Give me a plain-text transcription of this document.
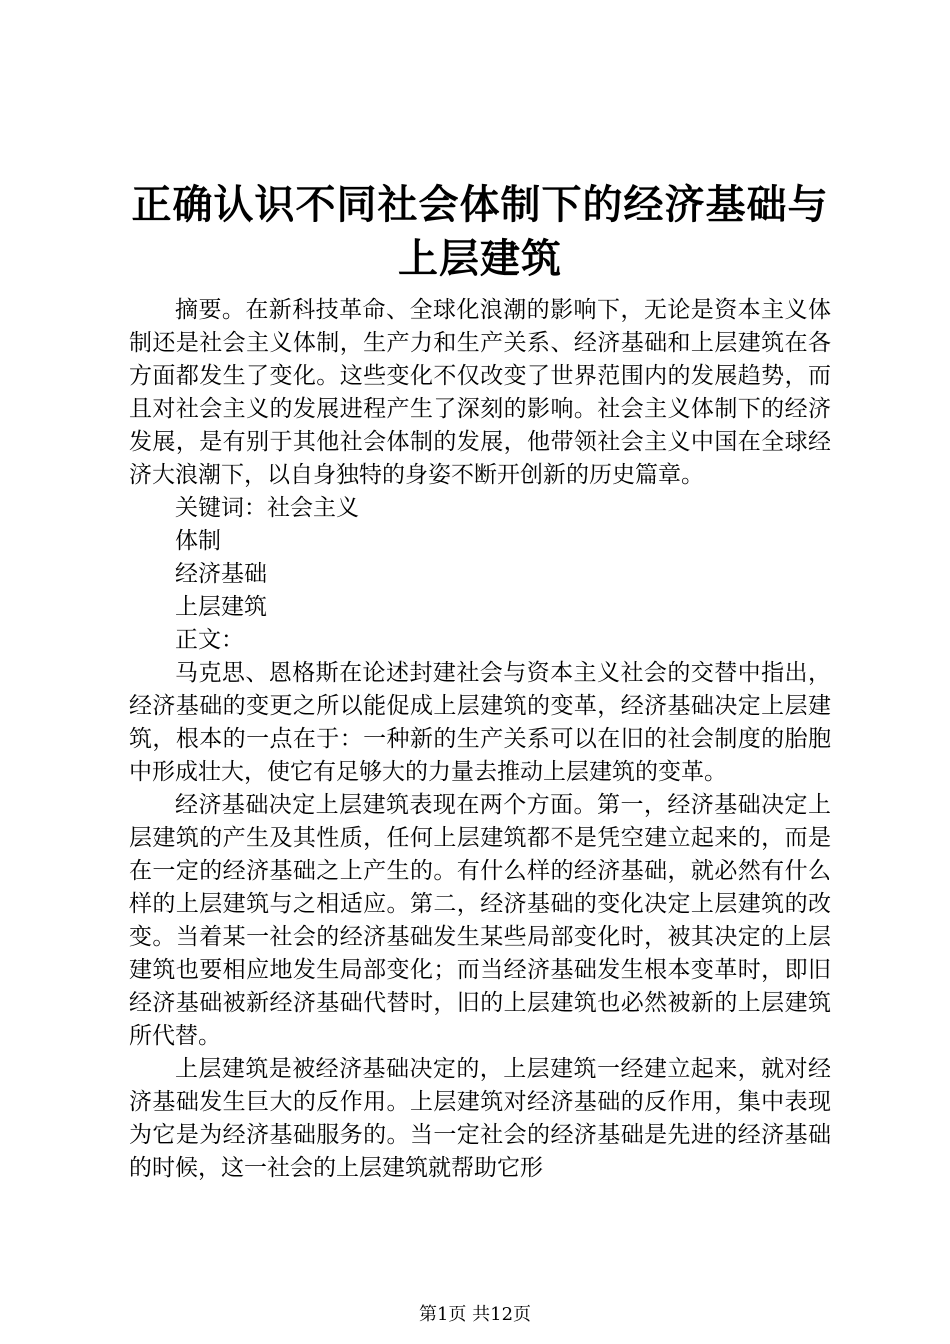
正确认识不同社会体制下的经济基础与上层建筑

摘要。在新科技革命、全球化浪潮的影响下，无论是资本主义体制还是社会主义体制，生产力和生产关系、经济基础和上层建筑在各方面都发生了变化。这些变化不仅改变了世界范围内的发展趋势，而且对社会主义的发展进程产生了深刻的影响。社会主义体制下的经济发展，是有别于其他社会体制的发展，他带领社会主义中国在全球经济大浪潮下，以自身独特的身姿不断开创新的历史篇章。

关键词：社会主义

体制

经济基础

上层建筑

正文：

马克思、恩格斯在论述封建社会与资本主义社会的交替中指出，经济基础的变更之所以能促成上层建筑的变革，经济基础决定上层建筑，根本的一点在于：一种新的生产关系可以在旧的社会制度的胎胞中形成壮大，使它有足够大的力量去推动上层建筑的变革。

经济基础决定上层建筑表现在两个方面。第一，经济基础决定上层建筑的产生及其性质，任何上层建筑都不是凭空建立起来的，而是在一定的经济基础之上产生的。有什么样的经济基础，就必然有什么样的上层建筑与之相适应。第二，经济基础的变化决定上层建筑的改变。当着某一社会的经济基础发生某些局部变化时，被其决定的上层建筑也要相应地发生局部变化；而当经济基础发生根本变革时，即旧经济基础被新经济基础代替时，旧的上层建筑也必然被新的上层建筑所代替。

上层建筑是被经济基础决定的，上层建筑一经建立起来，就对经济基础发生巨大的反作用。上层建筑对经济基础的反作用，集中表现为它是为经济基础服务的。当一定社会的经济基础是先进的经济基础的时候，这一社会的上层建筑就帮助它形

第1页 共12页
